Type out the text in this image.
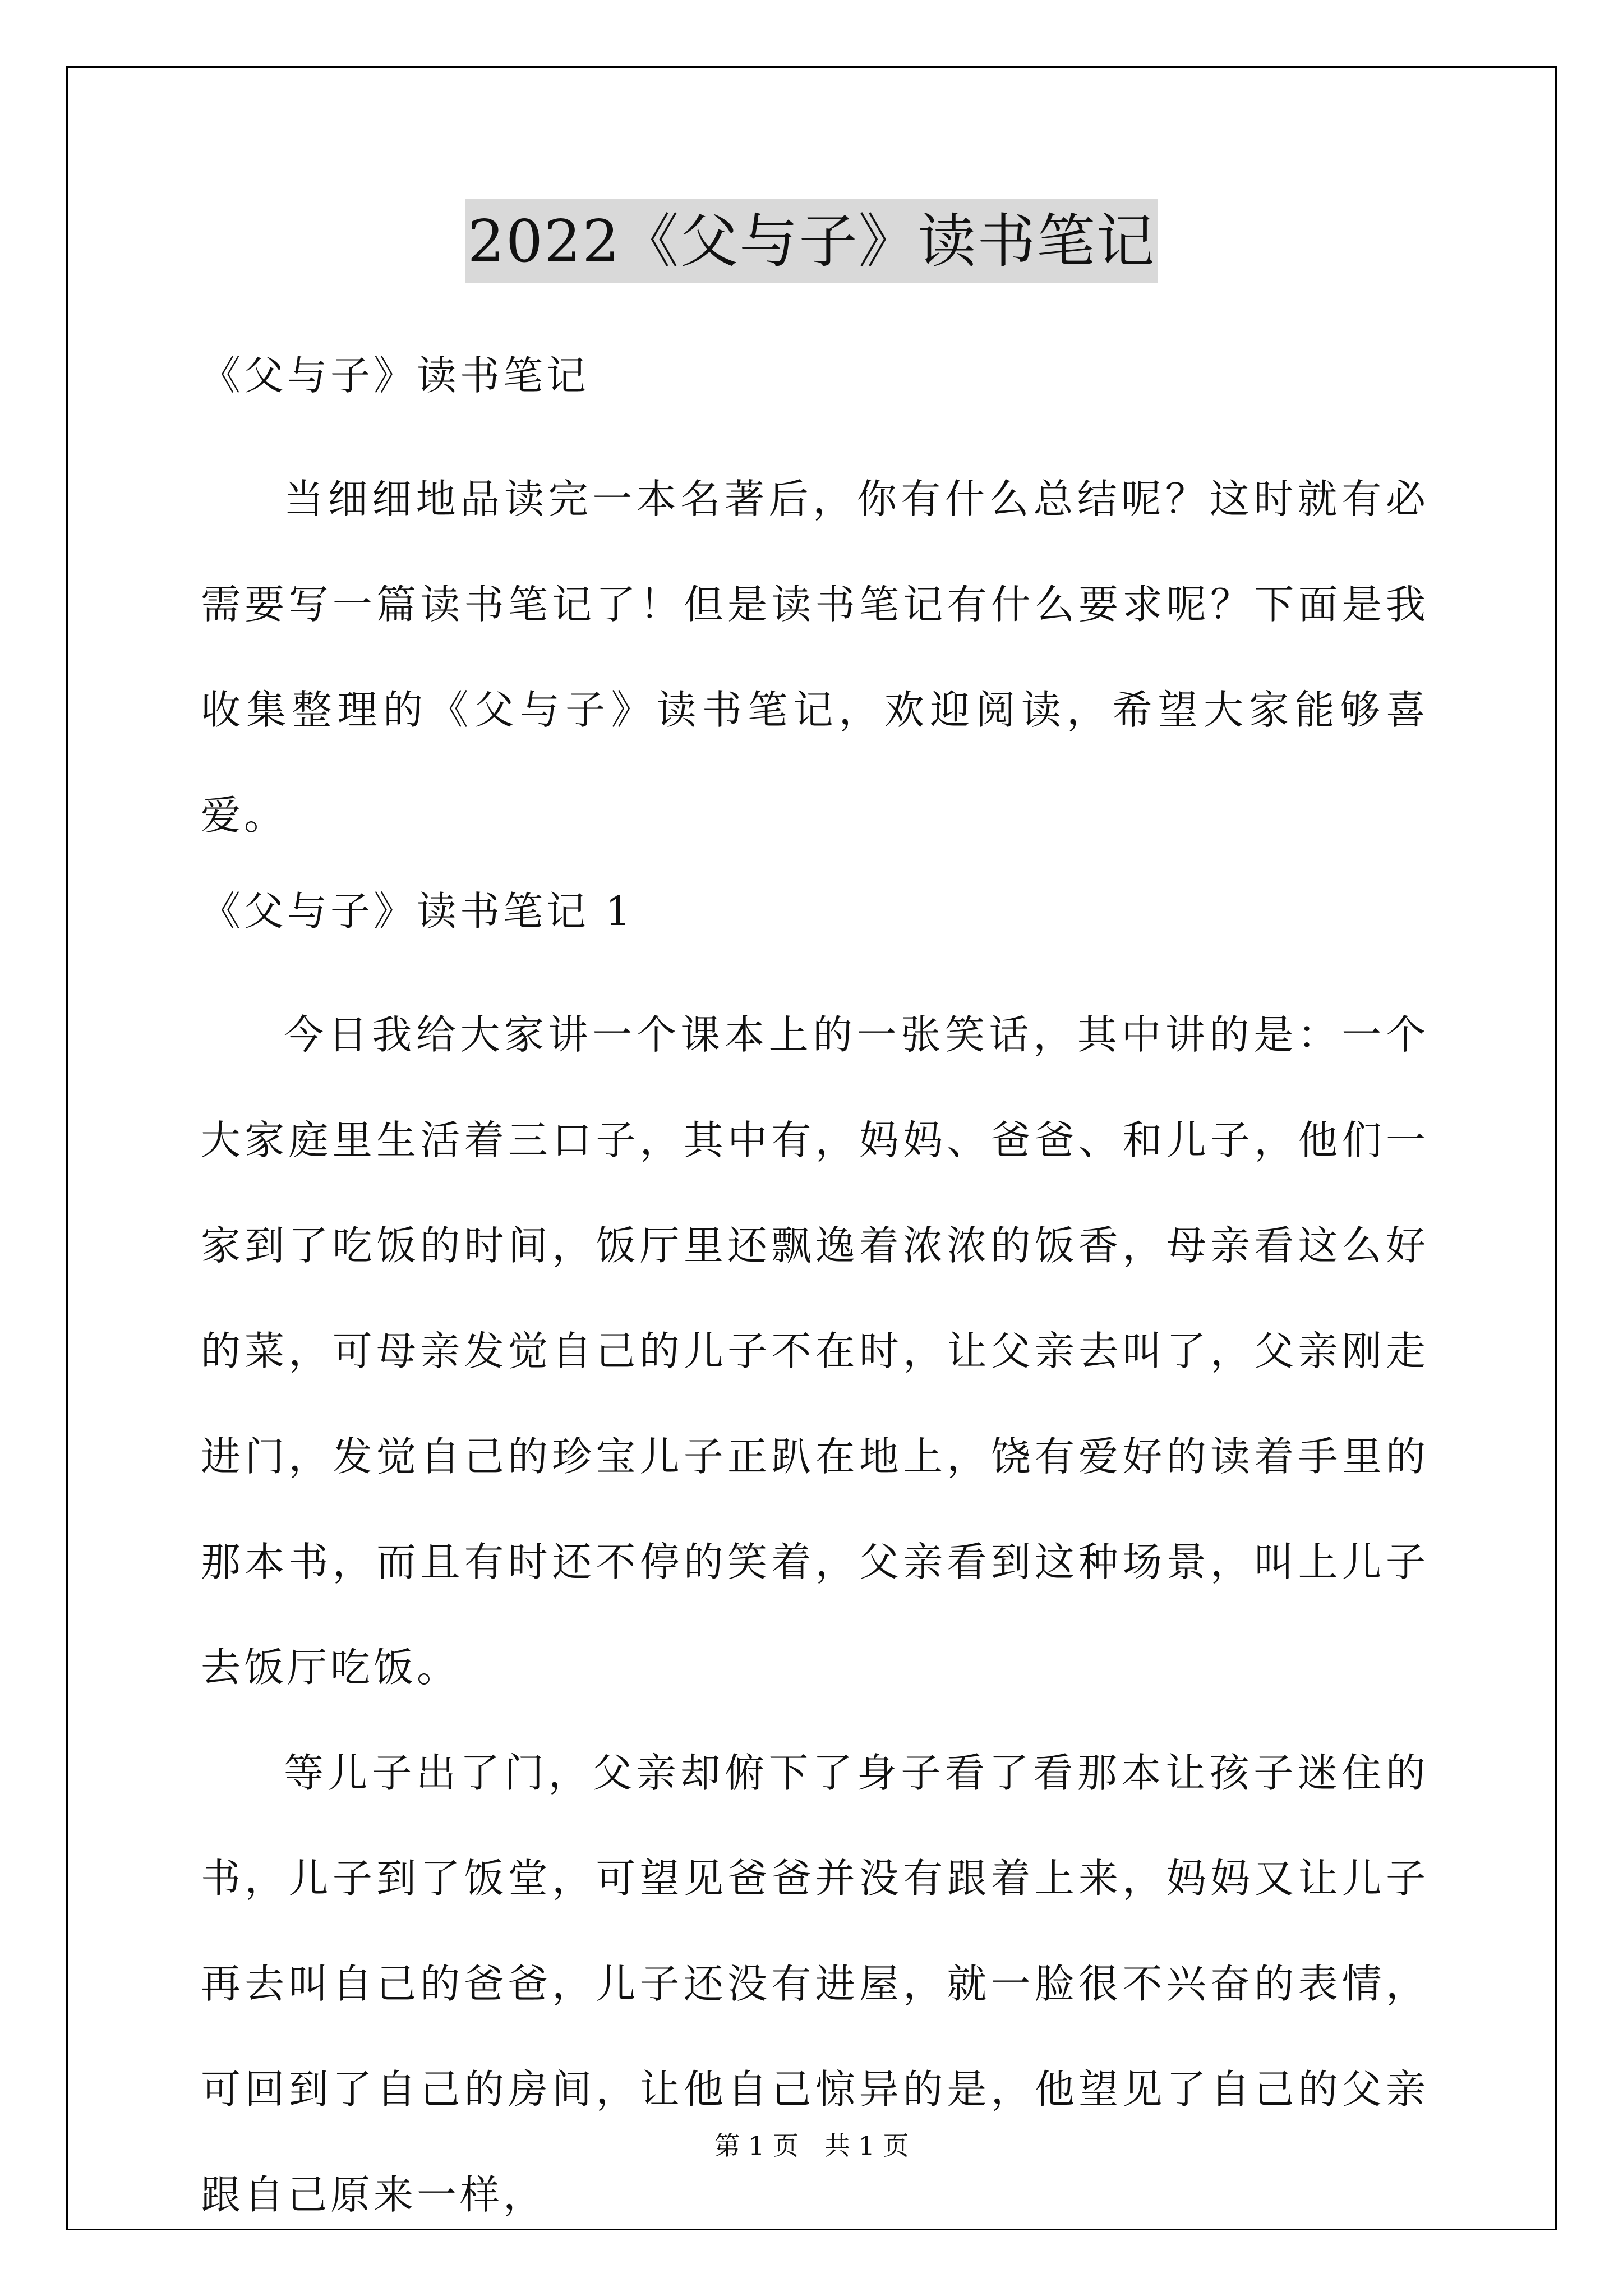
2022《父与子》读书笔记
《父与子》读书笔记

当细细地品读完一本名著后，你有什么总结呢？这时就有必需要写一篇读书笔记了！但是读书笔记有什么要求呢？下面是我收集整理的《父与子》读书笔记，欢迎阅读，希望大家能够喜爱。

《父与子》读书笔记 1

今日我给大家讲一个课本上的一张笑话，其中讲的是：一个大家庭里生活着三口子，其中有，妈妈、爸爸、和儿子，他们一家到了吃饭的时间，饭厅里还飘逸着浓浓的饭香，母亲看这么好的菜，可母亲发觉自己的儿子不在时，让父亲去叫了，父亲刚走进门，发觉自己的珍宝儿子正趴在地上，饶有爱好的读着手里的那本书，而且有时还不停的笑着，父亲看到这种场景，叫上儿子去饭厅吃饭。

等儿子出了门，父亲却俯下了身子看了看那本让孩子迷住的书，儿子到了饭堂，可望见爸爸并没有跟着上来，妈妈又让儿子再去叫自己的爸爸，儿子还没有进屋，就一脸很不兴奋的表情，可回到了自己的房间，让他自己惊异的是，他望见了自己的父亲跟自己原来一样，

第 1 页　共 1 页
